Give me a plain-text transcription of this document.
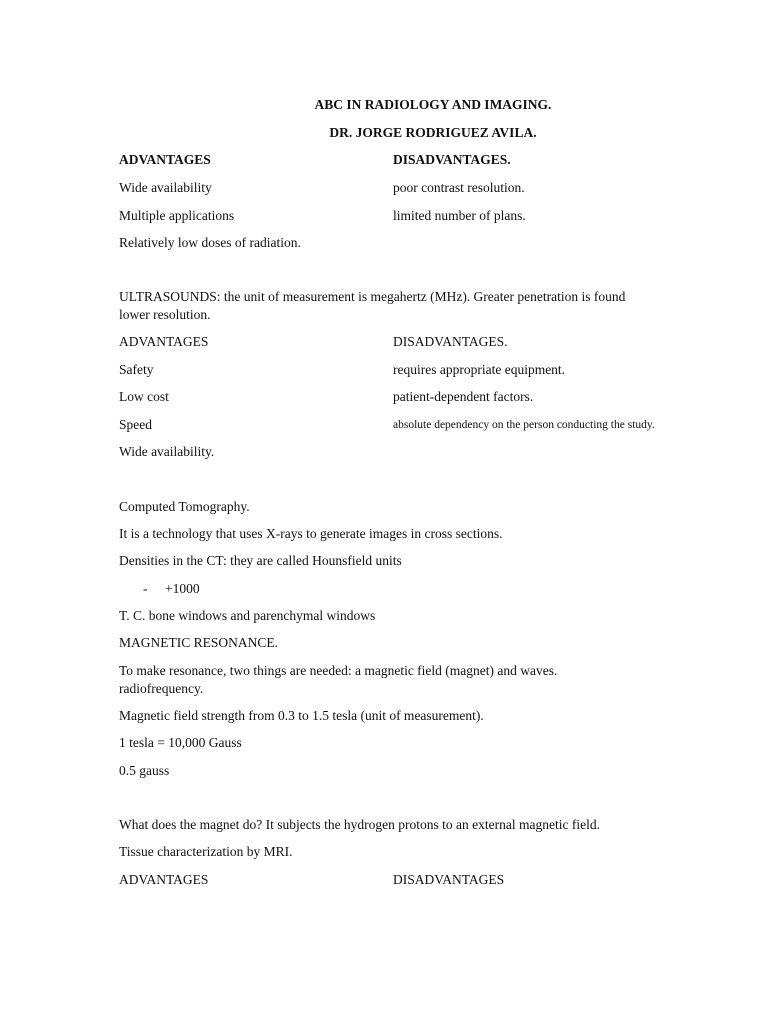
ABC IN RADIOLOGY AND IMAGING.
DR. JORGE RODRIGUEZ AVILA.
ADVANTAGES	DISADVANTAGES.
Wide availability	poor contrast resolution.
Multiple applications	limited number of plans.
Relatively low doses of radiation.
ULTRASOUNDS: the unit of measurement is megahertz (MHz). Greater penetration is found
lower resolution.
ADVANTAGES	DISADVANTAGES.
Safety	requires appropriate equipment.
Low cost	patient-dependent factors.
Speed	absolute dependency on the person conducting the study.
Wide availability.
Computed Tomography.
It is a technology that uses X-rays to generate images in cross sections.
Densities in the CT: they are called Hounsfield units
- +1000
T. C. bone windows and parenchymal windows
MAGNETIC RESONANCE.
To make resonance, two things are needed: a magnetic field (magnet) and waves.
radiofrequency.
Magnetic field strength from 0.3 to 1.5 tesla (unit of measurement).
1 tesla = 10,000 Gauss
0.5 gauss
What does the magnet do? It subjects the hydrogen protons to an external magnetic field.
Tissue characterization by MRI.
ADVANTAGES	DISADVANTAGES
